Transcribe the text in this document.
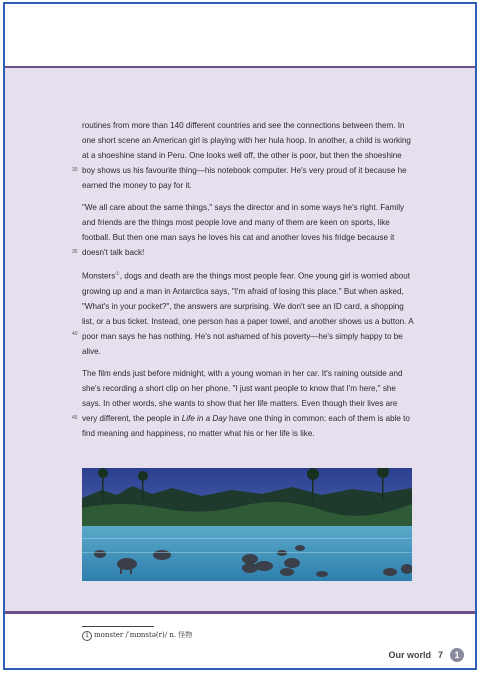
30
routines from more than 140 different countries and see the connections between them. In one short scene an American girl is playing with her hula hoop. In another, a child is working at a shoeshine stand in Peru. One looks well off, the other is poor, but then the shoeshine boy shows us his favourite thing—his notebook computer. He's very proud of it because he earned the money to pay for it.

35
"We all care about the same things," says the director and in some ways he's right. Family and friends are the things most people love and many of them are keen on sports, like football. But then one man says he loves his cat and another loves his fridge because it doesn't talk back!

40
Monsters①, dogs and death are the things most people fear. One young girl is worried about growing up and a man in Antarctica says, "I'm afraid of losing this place." But when asked, "What's in your pocket?", the answers are surprising. We don't see an ID card, a shopping list, or a bus ticket. Instead, one person has a paper towel, and another shows us a button. A poor man says he has nothing. He's not ashamed of his poverty—he's simply happy to be alive.

45
The film ends just before midnight, with a young woman in her car. It's raining outside and she's recording a short clip on her phone. "I just want people to know that I'm here," she says. In other words, she wants to show that her life matters. Even though their lives are very different, the people in Life in a Day have one thing in common: each of them is able to find meaning and happiness, no matter what his or her life is like.

1 monster /ˈmɒnstə(r)/ n. 怪物
Our world 7	1
